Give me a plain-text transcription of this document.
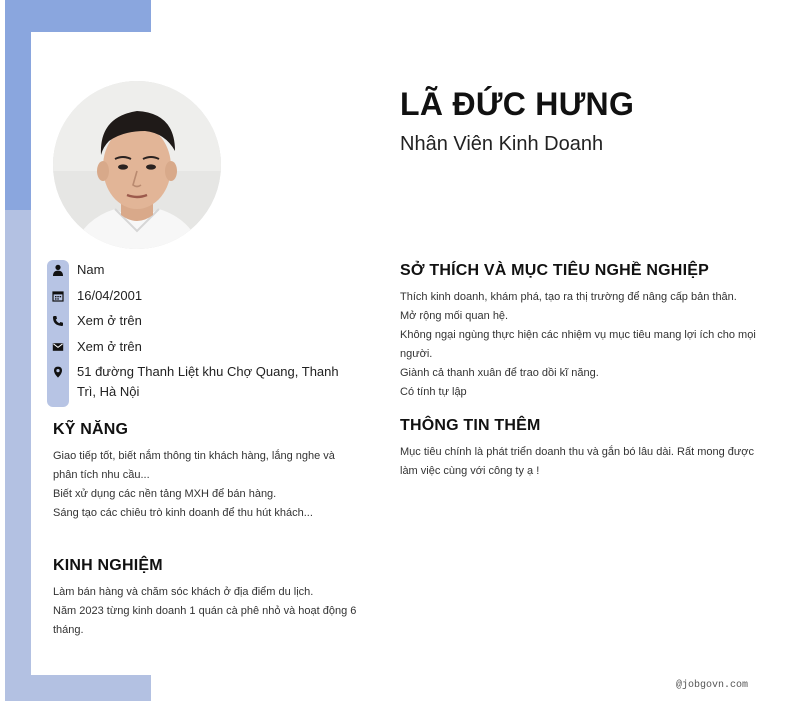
LÃ ĐỨC HƯNG
Nhân Viên Kinh Doanh
Nam
16/04/2001
Xem ở trên
Xem ở trên
51 đường Thanh Liệt khu Chợ Quang, Thanh Trì, Hà Nội
KỸ NĂNG
Giao tiếp tốt, biết nắm thông tin khách hàng, lắng nghe và phân tích nhu cầu...
Biết xử dụng các nền tảng MXH để bán hàng.
Sáng tạo các chiêu trò kinh doanh để thu hút khách...
KINH NGHIỆM
Làm bán hàng và chăm sóc khách ở địa điểm du lịch.
Năm 2023 từng kinh doanh 1 quán cà phê nhỏ và hoạt động 6 tháng.
SỞ THÍCH VÀ MỤC TIÊU NGHỀ NGHIỆP
Thích kinh doanh, khám phá, tạo ra thị trường để nâng cấp bản thân.
Mở rộng mối quan hệ.
Không ngại ngùng thực hiện các nhiệm vụ mục tiêu mang lợi ích cho mọi người.
Giành cả thanh xuân để trao dồi kĩ năng.
Có tính tự lập
THÔNG TIN THÊM
Mục tiêu chính là phát triển doanh thu và gắn bó lâu dài. Rất mong được làm việc cùng với công ty ạ !
@jobgovn.com
